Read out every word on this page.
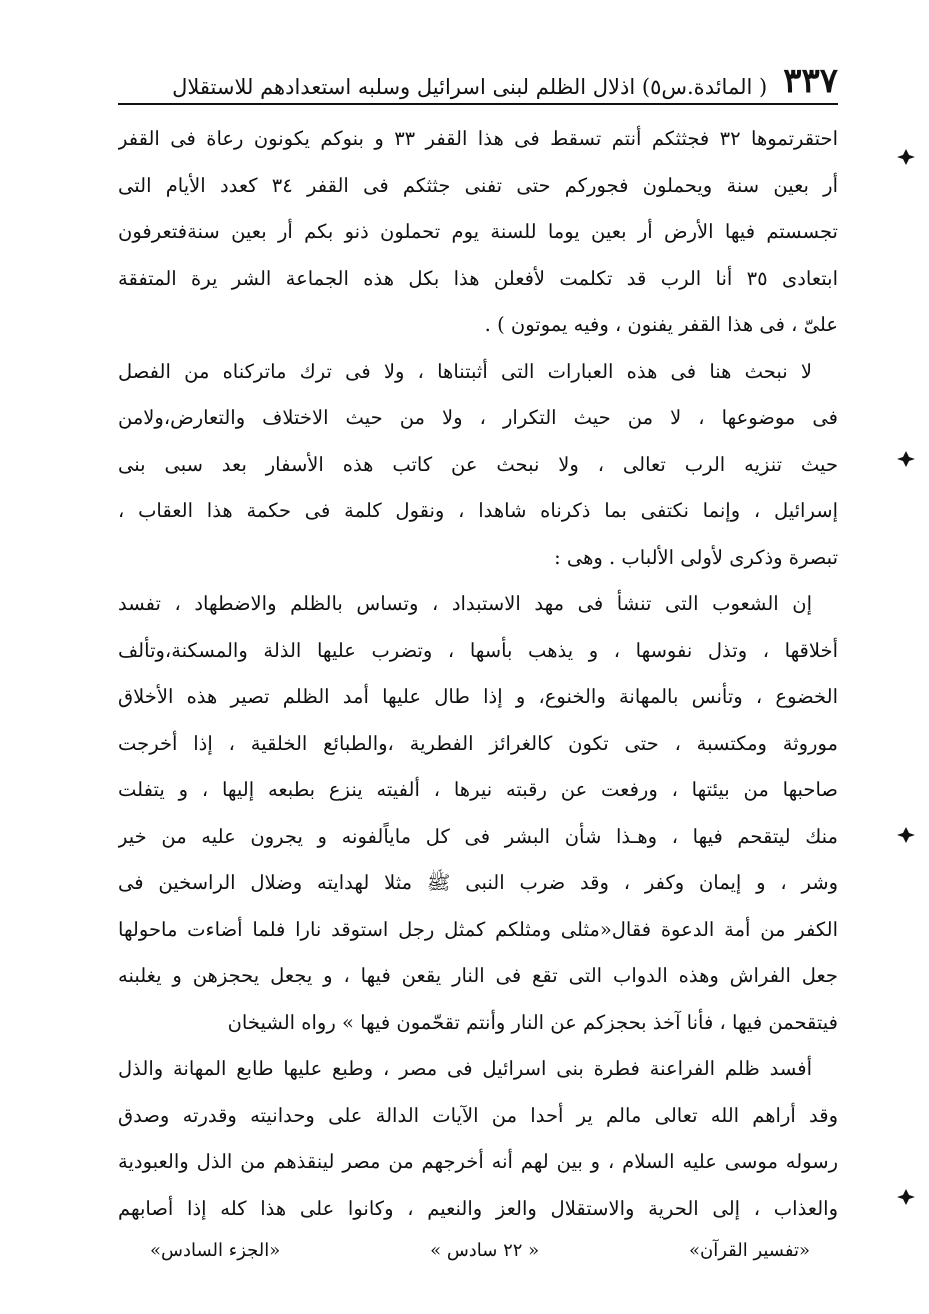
٣٣٧
( المائدة.س٥) اذلال الظلم لبنى اسرائيل وسلبه استعدادهم للاستقلال
احتقرتموها ٣٢ فجثثكم أنتم تسقط فى هذا القفر ٣٣ و بنوكم يكونون رعاة فى القفر
أر بعين سنة ويحملون فجوركم حتى تفنى جثثكم فى القفر ٣٤ كعدد الأيام التى
تجسستم فيها الأرض أر بعين يوما للسنة يوم تحملون ذنو بكم أر بعين سنةفتعرفون
ابتعادى ٣٥ أنا الرب قد تكلمت لأفعلن هذا بكل هذه الجماعة الشر يرة المتفقة
علىّ ، فى هذا القفر يفنون ، وفيه يموتون ) .
لا نبحث هنا فى هذه العبارات التى أثبتناها ، ولا فى ترك ماتركناه من الفصل
فى موضوعها ، لا من حيث التكرار ، ولا من حيث الاختلاف والتعارض،ولامن
حيث تنزيه الرب تعالى ، ولا نبحث عن كاتب هذه الأسفار بعد سبى بنى
إسرائيل ، وإنما نكتفى بما ذكرناه شاهدا ، ونقول كلمة فى حكمة هذا العقاب ،
تبصرة وذكرى لأولى الألباب . وهى :
إن الشعوب التى تنشأ فى مهد الاستبداد ، وتساس بالظلم والاضطهاد ، تفسد
أخلاقها ، وتذل نفوسها ، و يذهب بأسها ، وتضرب عليها الذلة والمسكنة،وتألف
الخضوع ، وتأنس بالمهانة والخنوع، و إذا طال عليها أمد الظلم تصير هذه الأخلاق
موروثة ومكتسبة ، حتى تكون كالغرائز الفطرية ،والطبائع الخلقية ، إذا أخرجت
صاحبها من بيئتها ، ورفعت عن رقبته نيرها ، ألفيته ينزع بطبعه إليها ، و يتفلت
منك ليتقحم فيها ، وهـذا شأن البشر فى كل ماياًلفونه و يجرون عليه من خير
وشر ، و إيمان وكفر ، وقد ضرب النبى ﷺ مثلا لهدايته وضلال الراسخين فى
الكفر من أمة الدعوة فقال«مثلى ومثلكم كمثل رجل استوقد نارا فلما أضاءت ماحولها
جعل الفراش وهذه الدواب التى تقع فى النار يقعن فيها ، و يجعل يحجزهن و يغلبنه
فيتقحمن فيها ، فأنا آخذ بحجزكم عن النار وأنتم تقحّمون فيها » رواه الشيخان
أفسد ظلم الفراعنة فطرة بنى اسرائيل فى مصر ، وطبع عليها طابع المهانة والذل
وقد أراهم الله تعالى مالم ير أحدا من الآيات الدالة على وحدانيته وقدرته وصدق
رسوله موسى عليه السلام ، و بين لهم أنه أخرجهم من مصر لينقذهم من الذل والعبودية
والعذاب ، إلى الحرية والاستقلال والعز والنعيم ، وكانوا على هذا كله إذا أصابهم
«تفسير القرآن»
« ٢٢ سادس »
«الجزء السادس»
